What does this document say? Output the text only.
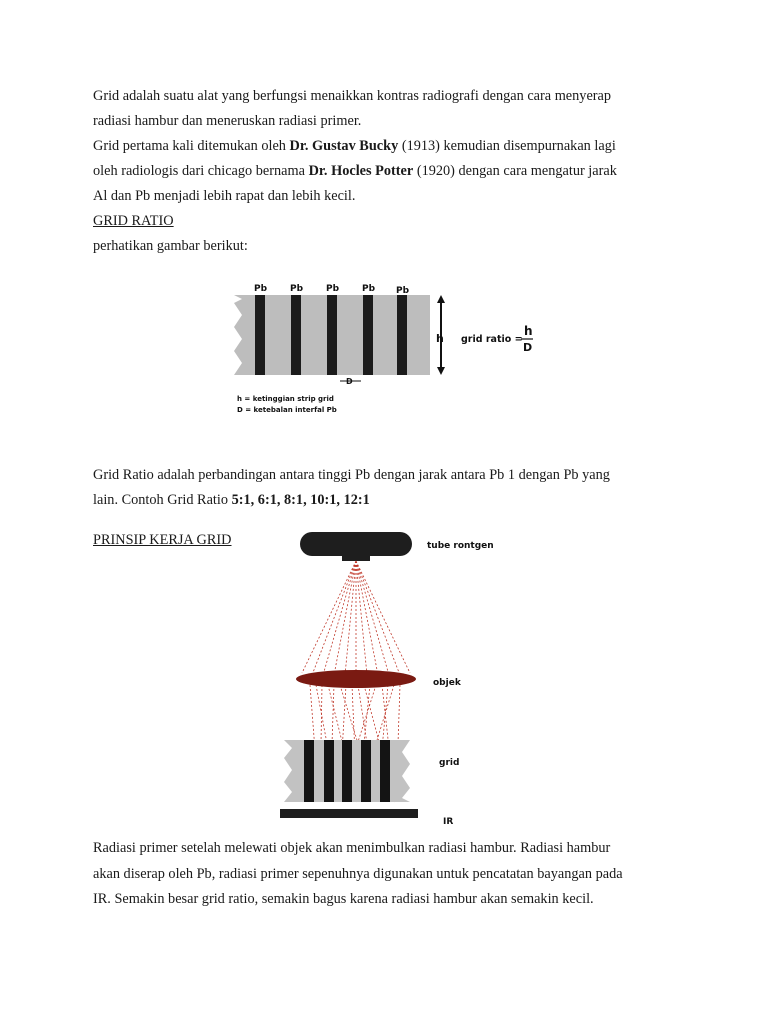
Grid adalah suatu alat yang berfungsi menaikkan kontras radiografi dengan cara menyerap
radiasi hambur dan meneruskan radiasi primer.

Grid pertama kali ditemukan oleh Dr. Gustav Bucky (1913) kemudian disempurnakan lagi
oleh radiologis dari chicago bernama Dr. Hocles Potter (1920) dengan cara mengatur jarak
Al dan Pb menjadi lebih rapat dan lebih kecil.

GRID RATIO

perhatikan gambar berikut:

Pb	Pb	Pb	Pb Pb
h
D
grid ratio =
h
D
h = ketinggian strip grid
D = ketebalan interfal Pb

Grid Ratio adalah perbandingan antara tinggi Pb dengan jarak antara Pb 1 dengan Pb yang
lain. Contoh Grid Ratio 5:1, 6:1, 8:1, 10:1, 12:1

PRINSIP KERJA GRID	tube rontgen
objek
grid
IR
Radiasi primer setelah melewati objek akan menimbulkan radiasi hambur. Radiasi hambur
akan diserap oleh Pb, radiasi primer sepenuhnya digunakan untuk pencatatan bayangan pada
IR. Semakin besar grid ratio, semakin bagus karena radiasi hambur akan semakin kecil.
